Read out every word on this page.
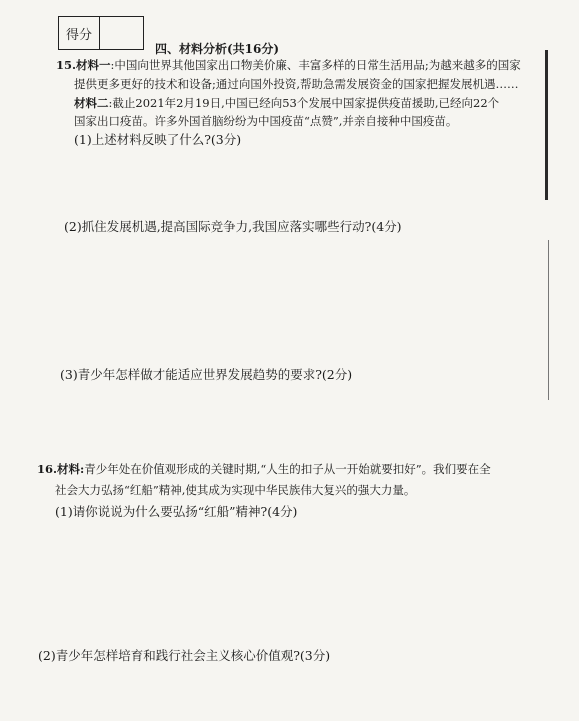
得分
四、材料分析(共16分)
15.材料一:中国向世界其他国家出口物美价廉、丰富多样的日常生活用品;为越来越多的国家
提供更多更好的技术和设备;通过向国外投资,帮助急需发展资金的国家把握发展机遇……
材料二:截止2021年2月19日,中国已经向53个发展中国家提供疫苗援助,已经向22个
国家出口疫苗。许多外国首脑纷纷为中国疫苗“点赞”,并亲自接种中国疫苗。
(1)上述材料反映了什么?(3分)
(2)抓住发展机遇,提高国际竞争力,我国应落实哪些行动?(4分)
(3)青少年怎样做才能适应世界发展趋势的要求?(2分)
16.材料:青少年处在价值观形成的关键时期,“人生的扣子从一开始就要扣好”。我们要在全
社会大力弘扬“红船”精神,使其成为实现中华民族伟大复兴的强大力量。
(1)请你说说为什么要弘扬“红船”精神?(4分)
(2)青少年怎样培育和践行社会主义核心价值观?(3分)
